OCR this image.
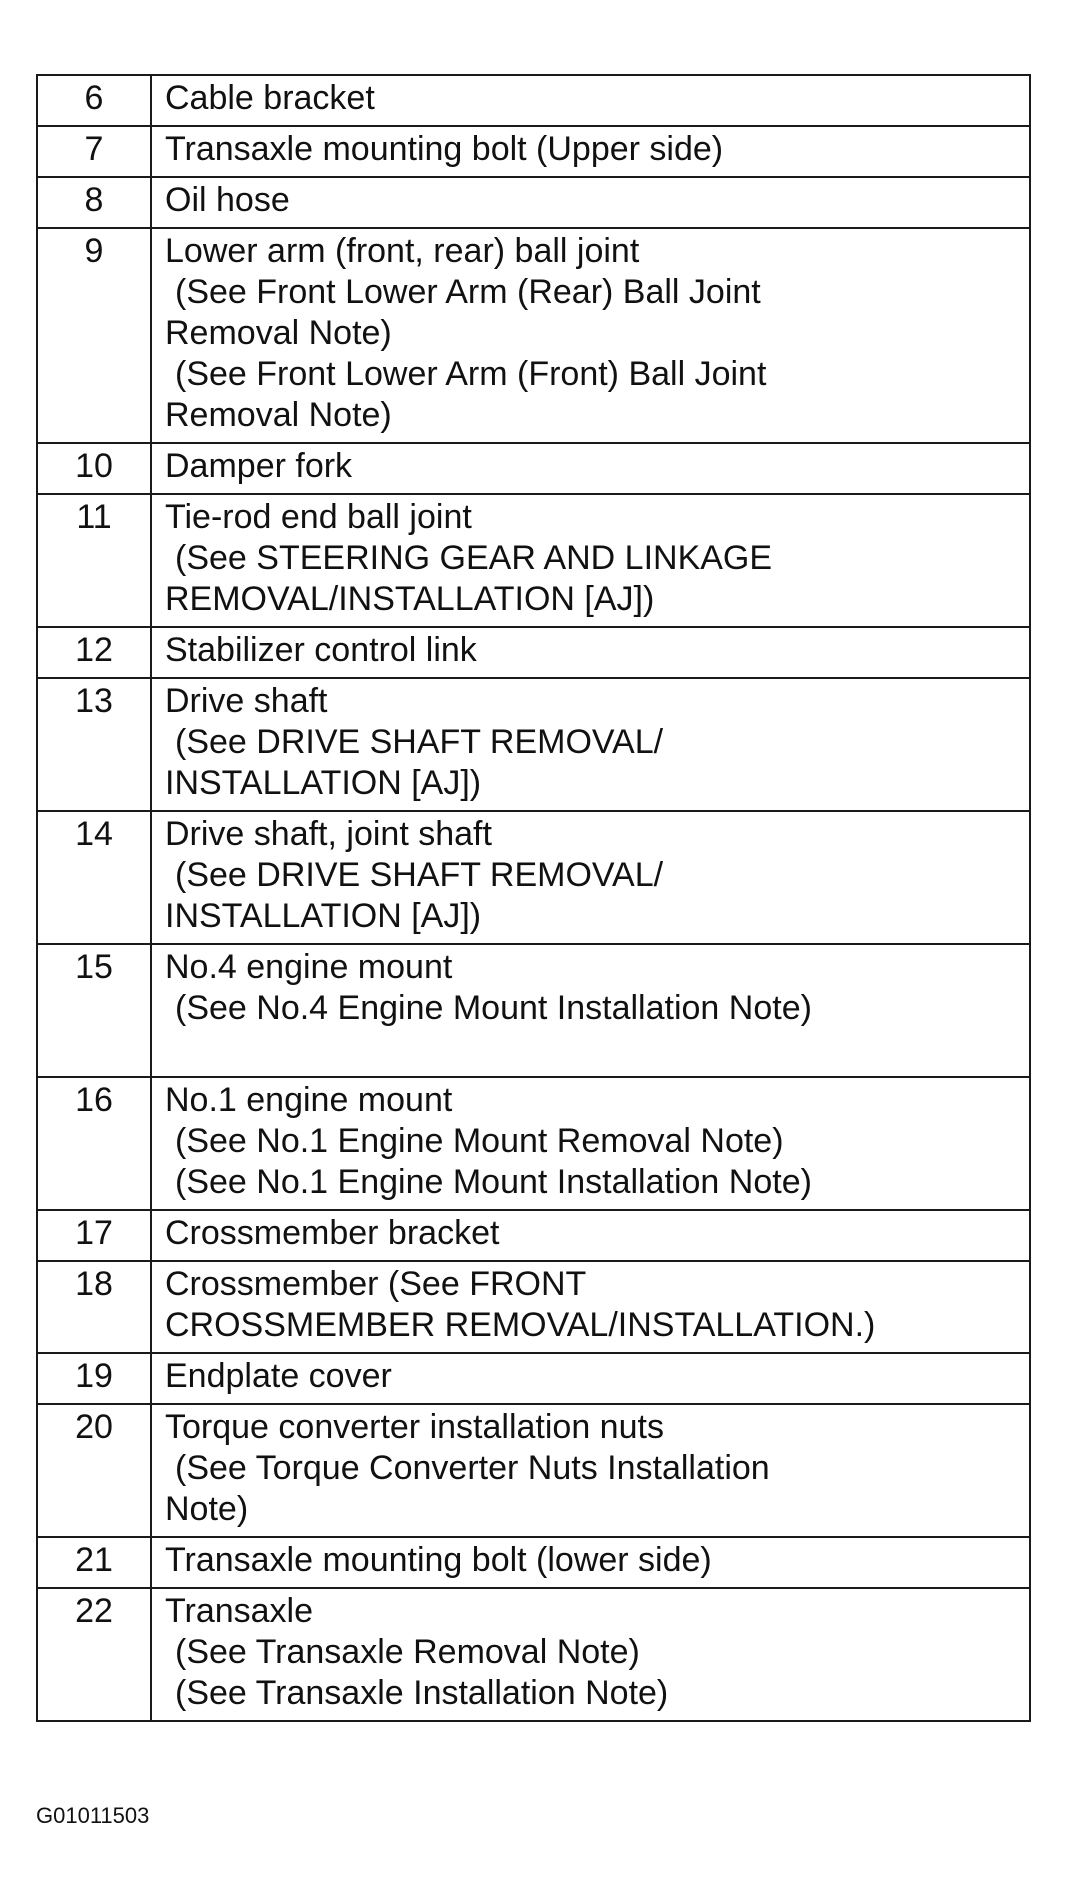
6	Cable bracket

7	Transaxle mounting bolt (Upper side)

8	Oil hose

9	Lower arm (front, rear) ball joint
(See Front Lower Arm (Rear) Ball Joint
Removal Note)
(See Front Lower Arm (Front) Ball Joint
Removal Note)

10	Damper fork

11	Tie-rod end ball joint
(See STEERING GEAR AND LINKAGE
REMOVAL/INSTALLATION [AJ])

12	Stabilizer control link

13	Drive shaft
(See DRIVE SHAFT REMOVAL/
INSTALLATION [AJ])

14	Drive shaft, joint shaft
(See DRIVE SHAFT REMOVAL/
INSTALLATION [AJ])

15	No.4 engine mount
(See No.4 Engine Mount Installation Note)

16	No.1 engine mount
(See No.1 Engine Mount Removal Note)
(See No.1 Engine Mount Installation Note)

17	Crossmember bracket

18	Crossmember (See FRONT
CROSSMEMBER REMOVAL/INSTALLATION.)

19	Endplate cover

20	Torque converter installation nuts
(See Torque Converter Nuts Installation
Note)

21	Transaxle mounting bolt (lower side)

22	Transaxle
(See Transaxle Removal Note)
(See Transaxle Installation Note)
G01011503
